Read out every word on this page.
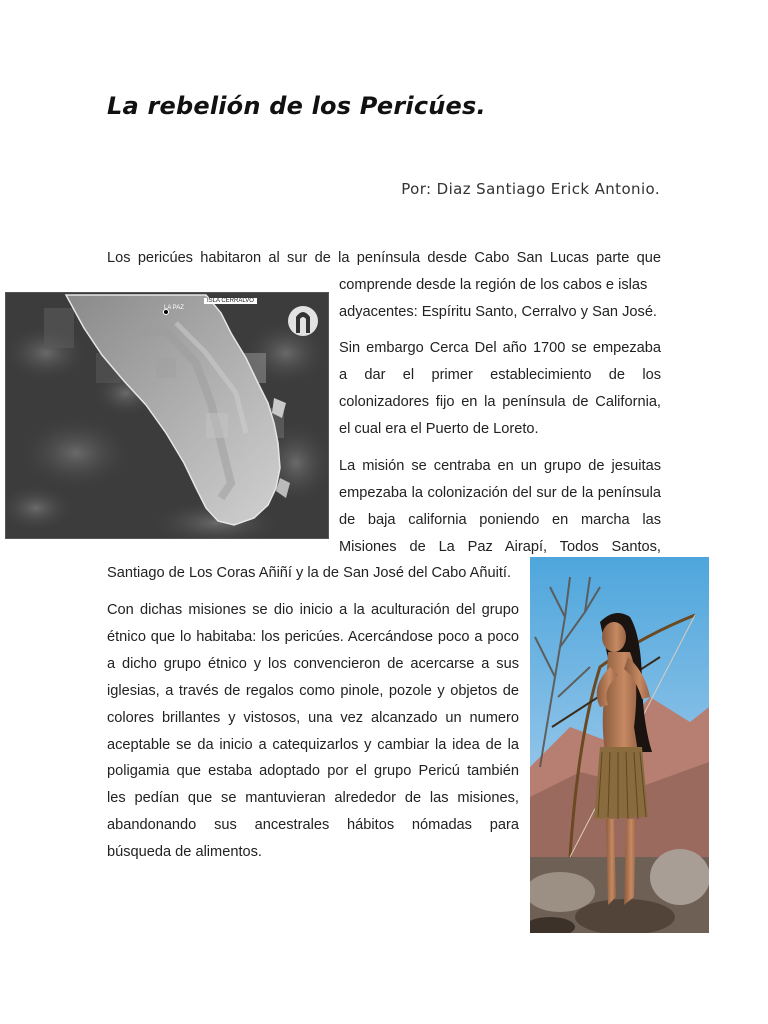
La rebelión de los Pericúes.
Por: Diaz Santiago Erick Antonio.
Los pericúes habitaron al sur de la península desde Cabo San Lucas parte que
comprende desde la región de los cabos e islas
adyacentes: Espíritu Santo, Cerralvo y San José.
Sin embargo Cerca Del año 1700 se empezaba
a dar el primer establecimiento de los
colonizadores fijo en la península de California,
el cual era el Puerto de Loreto.
La misión se centraba en un grupo de jesuitas
empezaba la colonización del sur de la península
de baja california poniendo en marcha las
Misiones de La Paz Airapí, Todos Santos,
Santiago de Los Coras Añiñí y la de San José del Cabo Añuití.
Con dichas misiones se dio inicio a la aculturación del grupo
étnico que lo habitaba: los pericúes. Acercándose poco a poco
a dicho grupo étnico y los convencieron de acercarse a sus
iglesias, a través de regalos como pinole, pozole y objetos de
colores brillantes y vistosos, una vez alcanzado un numero
aceptable se da inicio a catequizarlos y cambiar la idea de la
poligamia que estaba adoptado por el grupo Pericú también
les pedían que se mantuvieran alrededor de las misiones,
abandonando sus ancestrales hábitos nómadas para
búsqueda de alimentos.
LA PAZ
ISLA CERRALVO
